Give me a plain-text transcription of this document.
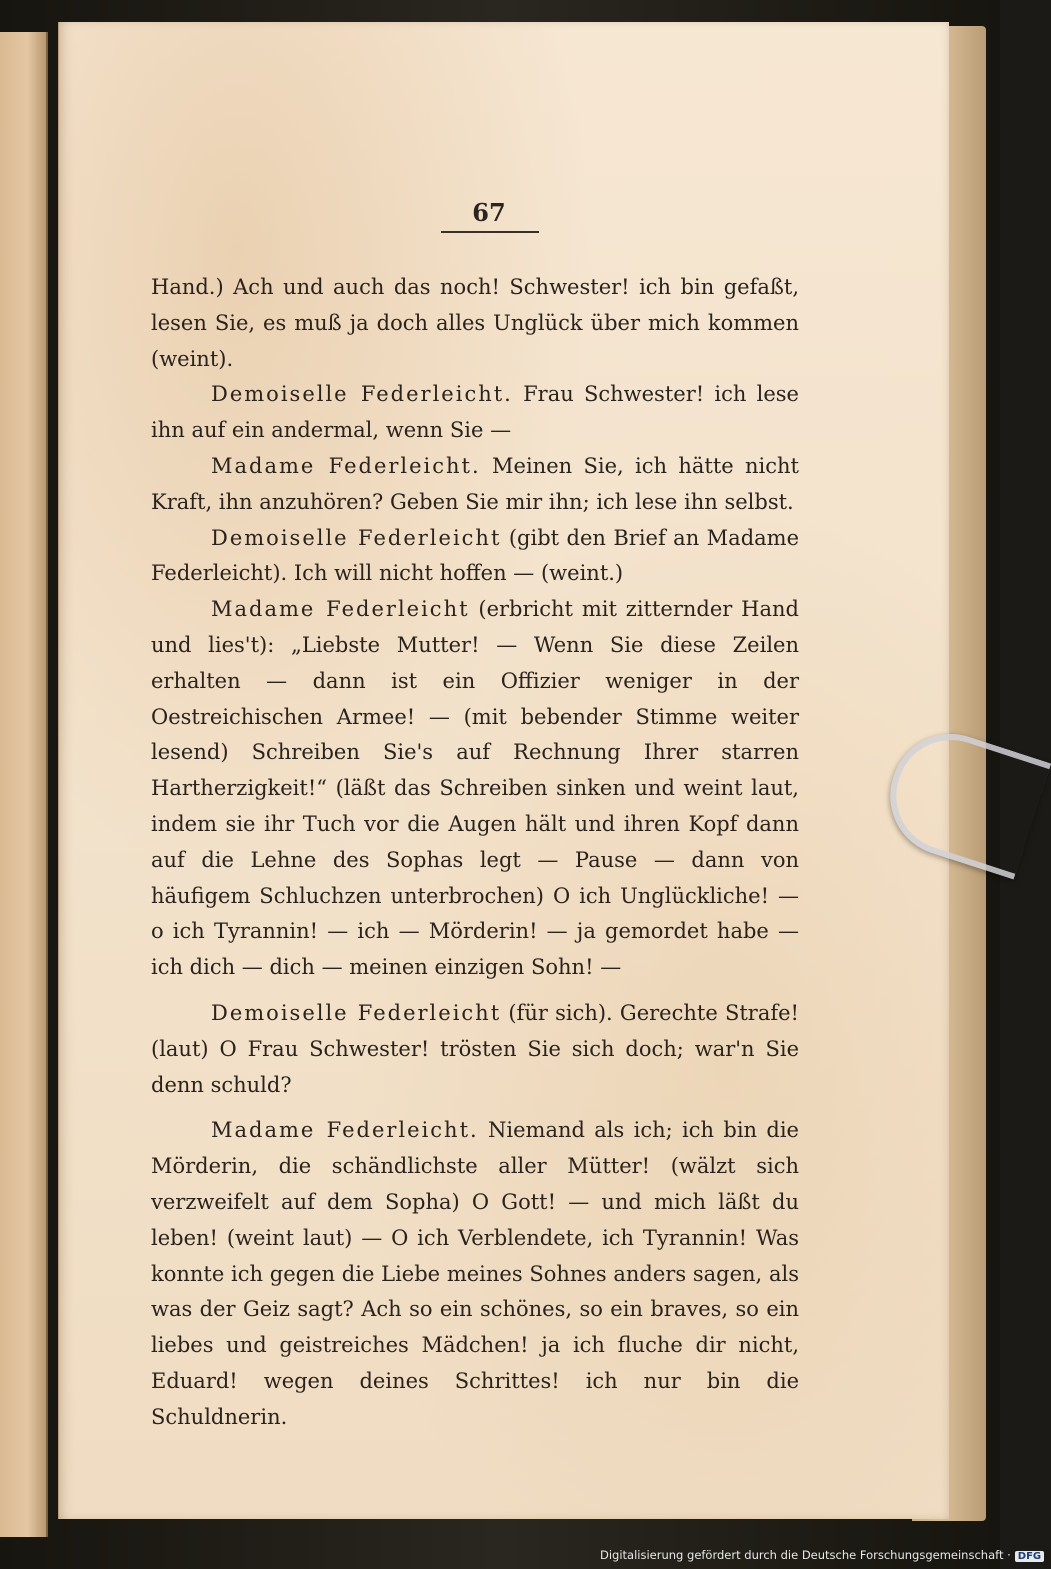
67

Hand.) Ach und auch das noch! Schwester! ich bin gefaßt, lesen Sie, es muß ja doch alles Unglück über mich kommen (weint).

Demoiselle Federleicht. Frau Schwester! ich lese ihn auf ein andermal, wenn Sie —

Madame Federleicht. Meinen Sie, ich hätte nicht Kraft, ihn anzuhören? Geben Sie mir ihn; ich lese ihn selbst.

Demoiselle Federleicht (gibt den Brief an Madame Federleicht). Ich will nicht hoffen — (weint.)

Madame Federleicht (erbricht mit zitternder Hand und lies't): „Liebste Mutter! — Wenn Sie diese Zeilen erhalten — dann ist ein Offizier weniger in der Oestreichischen Armee! — (mit bebender Stimme weiter lesend) Schreiben Sie's auf Rechnung Ihrer starren Hartherzigkeit!“ (läßt das Schreiben sinken und weint laut, indem sie ihr Tuch vor die Augen hält und ihren Kopf dann auf die Lehne des Sophas legt — Pause — dann von häufigem Schluchzen unterbrochen) O ich Unglückliche! — o ich Tyrannin! — ich — Mörderin! — ja gemordet habe — ich dich — dich — meinen einzigen Sohn! —

Demoiselle Federleicht (für sich). Gerechte Strafe! (laut) O Frau Schwester! trösten Sie sich doch; war'n Sie denn schuld?

Madame Federleicht. Niemand als ich; ich bin die Mörderin, die schändlichste aller Mütter! (wälzt sich verzweifelt auf dem Sopha) O Gott! — und mich läßt du leben! (weint laut) — O ich Verblendete, ich Tyrannin! Was konnte ich gegen die Liebe meines Sohnes anders sagen, als was der Geiz sagt? Ach so ein schönes, so ein braves, so ein liebes und geistreiches Mädchen! ja ich fluche dir nicht, Eduard! wegen deines Schrittes! ich nur bin die Schuldnerin.

Digitalisierung gefördert durch die Deutsche Forschungsgemeinschaft · DFG
